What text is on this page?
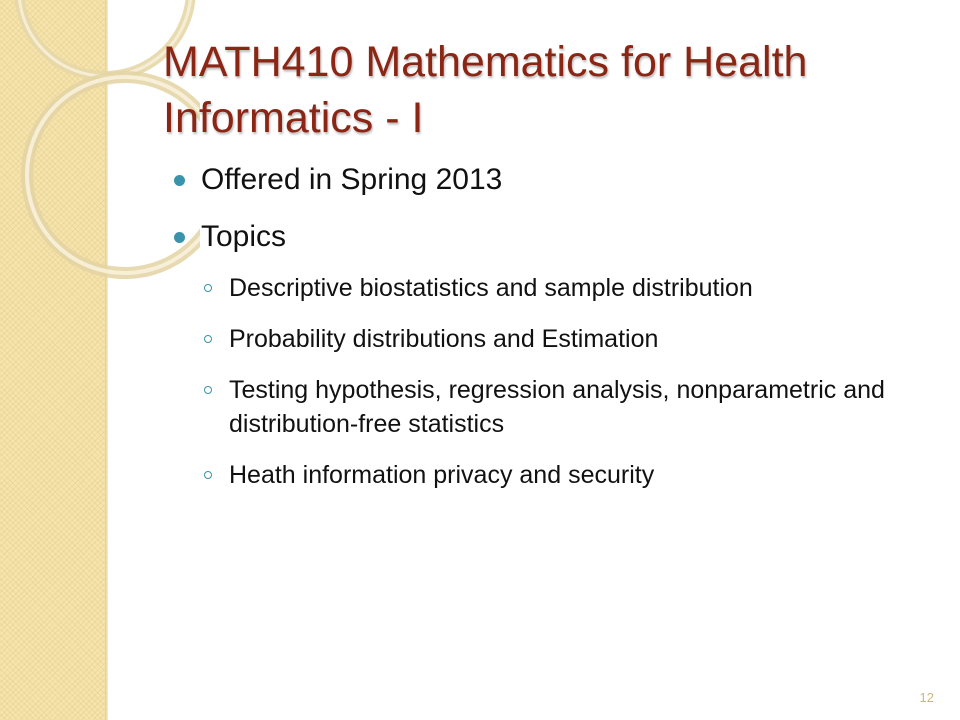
MATH410 Mathematics for Health Informatics - I
Offered in Spring 2013
Topics
Descriptive biostatistics and sample distribution
Probability distributions and Estimation
Testing hypothesis, regression analysis, nonparametric and distribution-free statistics
Heath information privacy and security
12
